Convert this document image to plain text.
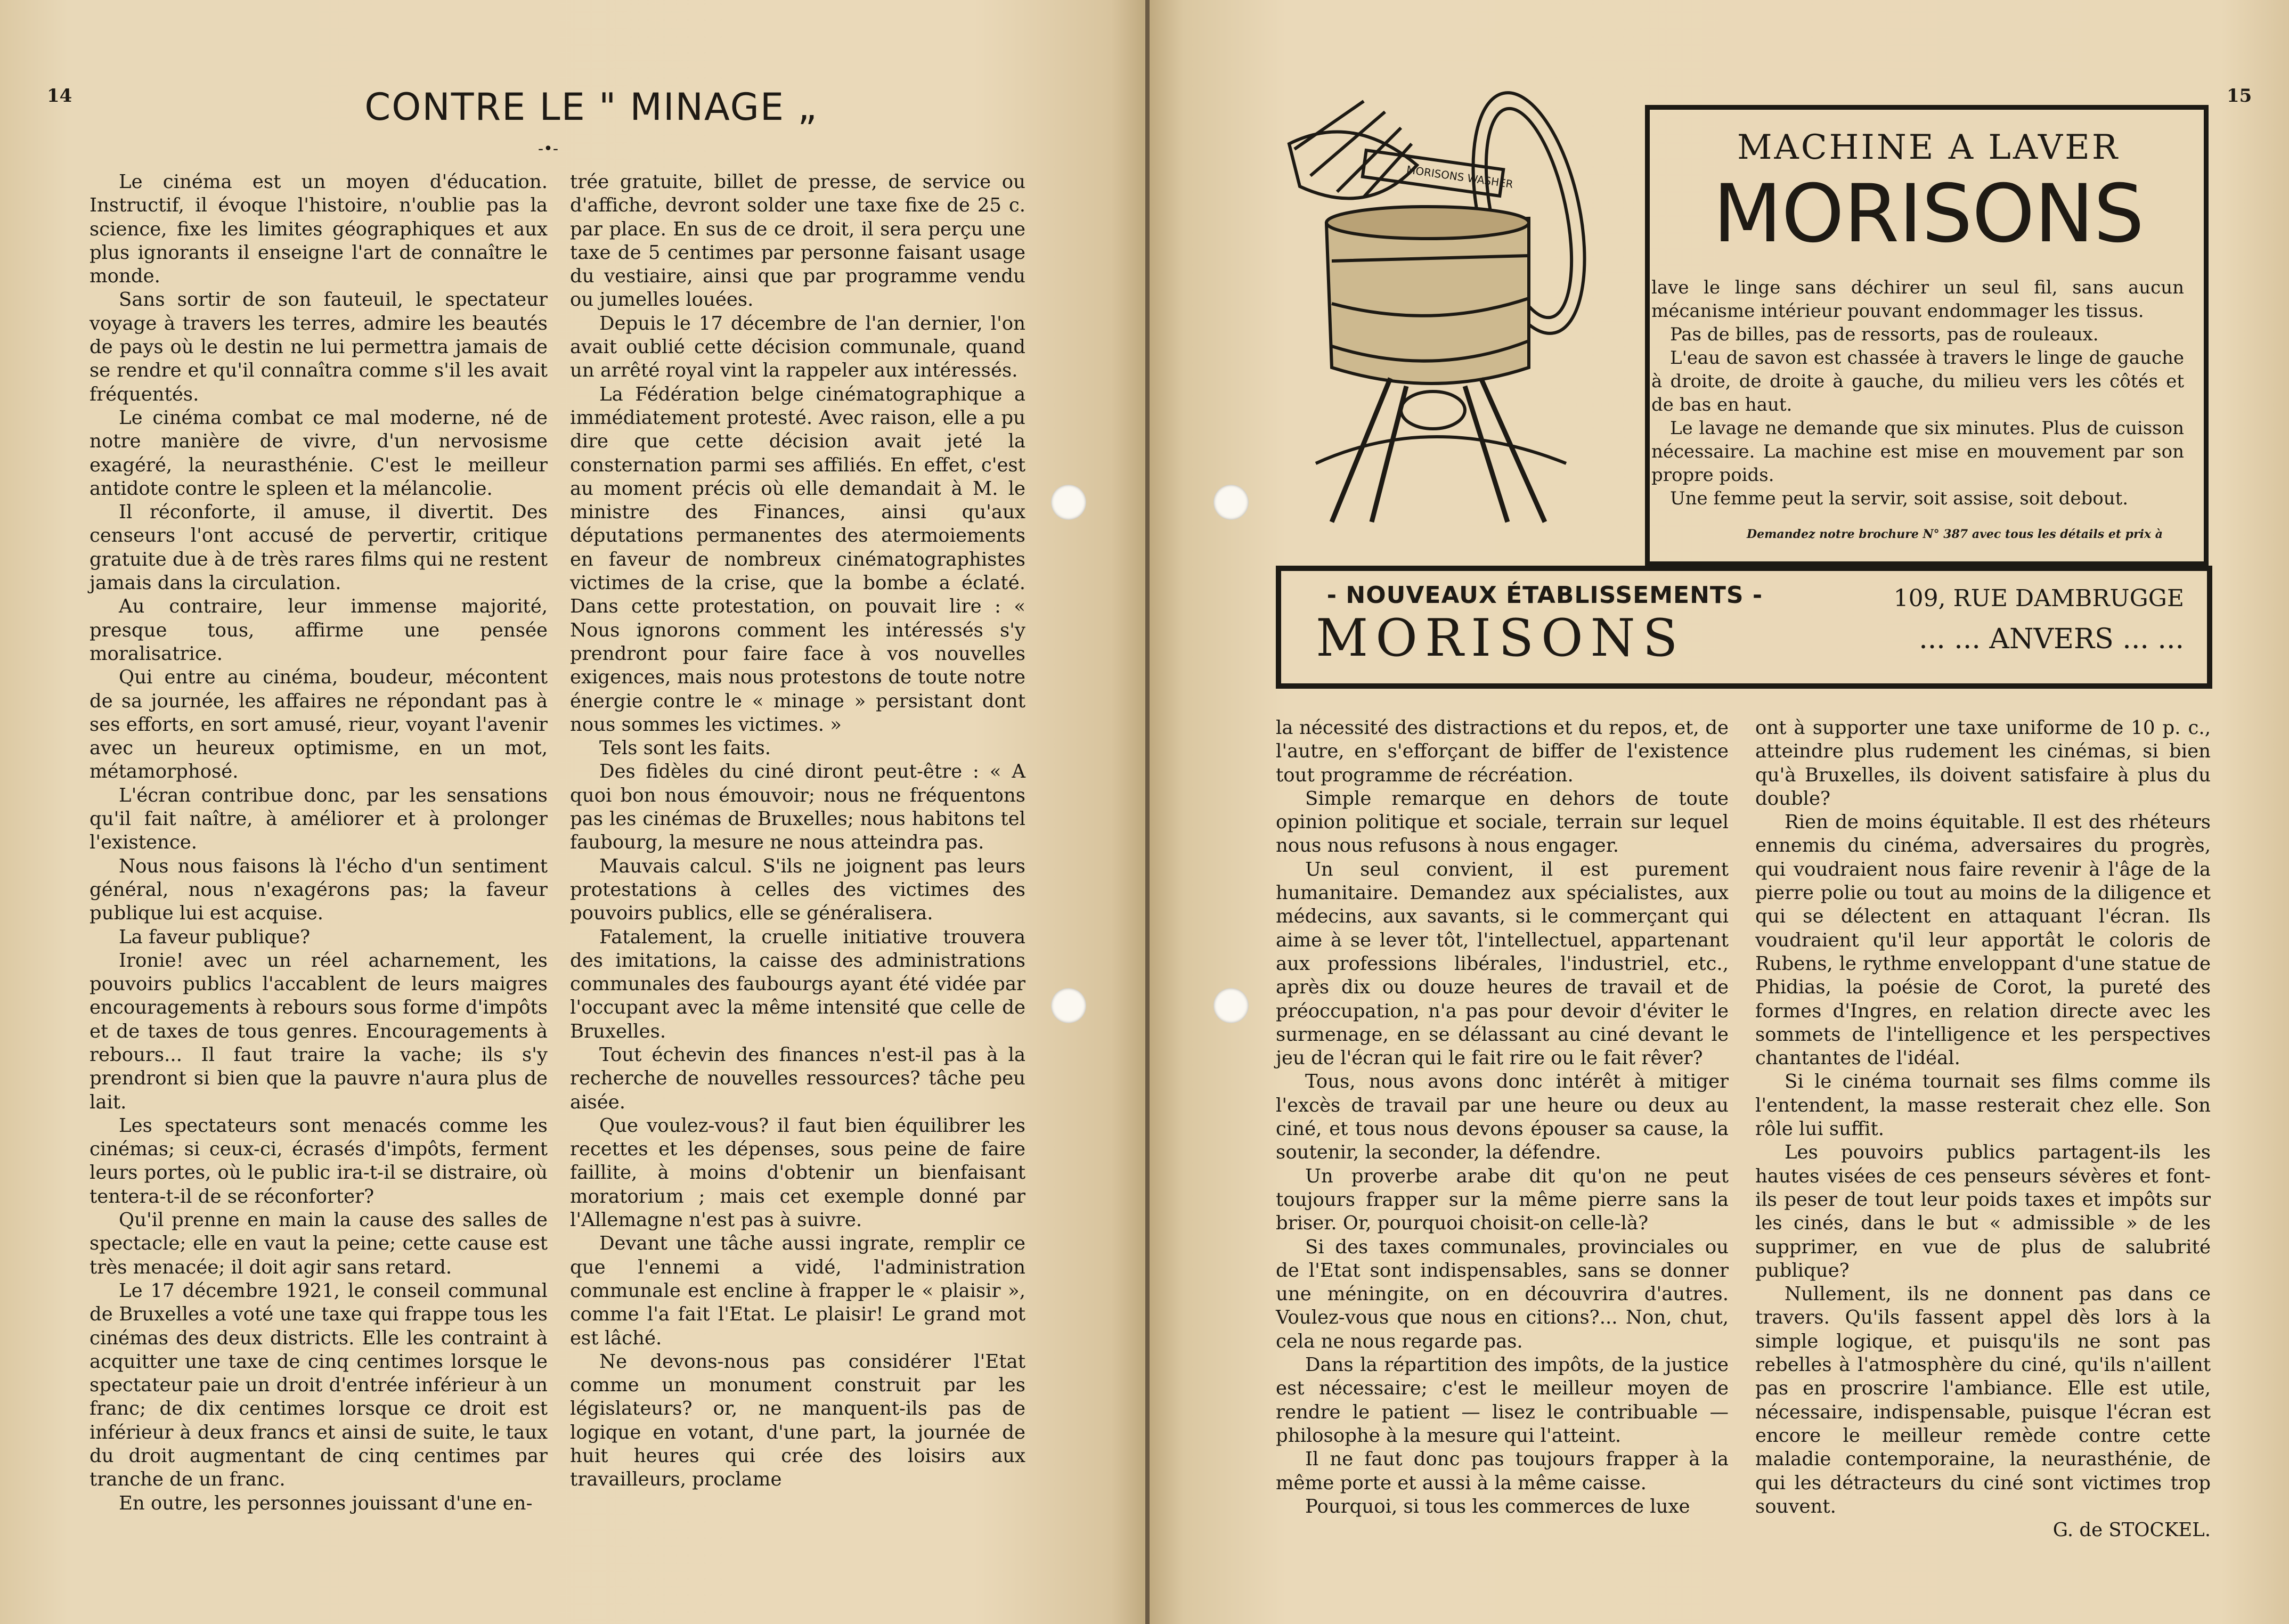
14	CONTRE LE " MINAGE „
-•-

Le cinéma est un moyen d'éducation. Instructif, il évoque l'histoire, n'oublie pas la science, fixe les limites géographiques et aux plus ignorants il enseigne l'art de connaître le monde.

Sans sortir de son fauteuil, le spectateur voyage à travers les terres, admire les beautés de pays où le destin ne lui permettra jamais de se rendre et qu'il connaîtra comme s'il les avait fréquentés.

Le cinéma combat ce mal moderne, né de notre manière de vivre, d'un nervosisme exagéré, la neurasthénie. C'est le meilleur antidote contre le spleen et la mélancolie.

Il réconforte, il amuse, il divertit. Des censeurs l'ont accusé de pervertir, critique gratuite due à de très rares films qui ne restent jamais dans la circulation.

Au contraire, leur immense majorité, presque tous, affirme une pensée moralisatrice.

Qui entre au cinéma, boudeur, mécontent de sa journée, les affaires ne répondant pas à ses efforts, en sort amusé, rieur, voyant l'avenir avec un heureux optimisme, en un mot, métamorphosé.

L'écran contribue donc, par les sensations qu'il fait naître, à améliorer et à prolonger l'existence.

Nous nous faisons là l'écho d'un sentiment général, nous n'exagérons pas; la faveur publique lui est acquise.

La faveur publique?

Ironie! avec un réel acharnement, les pouvoirs publics l'accablent de leurs maigres encouragements à rebours sous forme d'impôts et de taxes de tous genres. Encouragements à rebours... Il faut traire la vache; ils s'y prendront si bien que la pauvre n'aura plus de lait.

Les spectateurs sont menacés comme les cinémas; si ceux-ci, écrasés d'impôts, ferment leurs portes, où le public ira-t-il se distraire, où tentera-t-il de se réconforter?

Qu'il prenne en main la cause des salles de spectacle; elle en vaut la peine; cette cause est très menacée; il doit agir sans retard.

Le 17 décembre 1921, le conseil communal de Bruxelles a voté une taxe qui frappe tous les cinémas des deux districts. Elle les contraint à acquitter une taxe de cinq centimes lorsque le spectateur paie un droit d'entrée inférieur à un franc; de dix centimes lorsque ce droit est inférieur à deux francs et ainsi de suite, le taux du droit augmentant de cinq centimes par tranche de un franc.

En outre, les personnes jouissant d'une en-

trée gratuite, billet de presse, de service ou d'affiche, devront solder une taxe fixe de 25 c. par place. En sus de ce droit, il sera perçu une taxe de 5 centimes par personne faisant usage du vestiaire, ainsi que par programme vendu ou jumelles louées.

Depuis le 17 décembre de l'an dernier, l'on avait oublié cette décision communale, quand un arrêté royal vint la rappeler aux intéressés.

La Fédération belge cinématographique a immédiatement protesté. Avec raison, elle a pu dire que cette décision avait jeté la consternation parmi ses affiliés. En effet, c'est au moment précis où elle demandait à M. le ministre des Finances, ainsi qu'aux députations permanentes des atermoiements en faveur de nombreux cinématographistes victimes de la crise, que la bombe a éclaté. Dans cette protestation, on pouvait lire : « Nous ignorons comment les intéressés s'y prendront pour faire face à vos nouvelles exigences, mais nous protestons de toute notre énergie contre le « minage » persistant dont nous sommes les victimes. »

Tels sont les faits.

Des fidèles du ciné diront peut-être : « A quoi bon nous émouvoir; nous ne fréquentons pas les cinémas de Bruxelles; nous habitons tel faubourg, la mesure ne nous atteindra pas.

Mauvais calcul. S'ils ne joignent pas leurs protestations à celles des victimes des pouvoirs publics, elle se généralisera.

Fatalement, la cruelle initiative trouvera des imitations, la caisse des administrations communales des faubourgs ayant été vidée par l'occupant avec la même intensité que celle de Bruxelles.

Tout échevin des finances n'est-il pas à la recherche de nouvelles ressources? tâche peu aisée.

Que voulez-vous? il faut bien équilibrer les recettes et les dépenses, sous peine de faire faillite, à moins d'obtenir un bienfaisant moratorium ; mais cet exemple donné par l'Allemagne n'est pas à suivre.

Devant une tâche aussi ingrate, remplir ce que l'ennemi a vidé, l'administration communale est encline à frapper le « plaisir », comme l'a fait l'Etat. Le plaisir! Le grand mot est lâché.

Ne devons-nous pas considérer l'Etat comme un monument construit par les législateurs? or, ne manquent-ils pas de logique en votant, d'une part, la journée de huit heures qui crée des loisirs aux travailleurs, proclame

15
MORISONS WASHER
MACHINE A LAVER
MORISONS

lave le linge sans déchirer un seul fil, sans aucun mécanisme intérieur pouvant endommager les tissus.

Pas de billes, pas de ressorts, pas de rouleaux.

L'eau de savon est chassée à travers le linge de gauche à droite, de droite à gauche, du milieu vers les côtés et de bas en haut.

Le lavage ne demande que six minutes. Plus de cuisson nécessaire. La machine est mise en mouvement par son propre poids.

Une femme peut la servir, soit assise, soit debout.

Demandez notre brochure N° 387 avec tous les détails et prix à
- NOUVEAUX ÉTABLISSEMENTS -
MORISONS
109, RUE DAMBRUGGE
... ... ANVERS ... ...

la nécessité des distractions et du repos, et, de l'autre, en s'efforçant de biffer de l'existence tout programme de récréation.

Simple remarque en dehors de toute opinion politique et sociale, terrain sur lequel nous nous refusons à nous engager.

Un seul convient, il est purement humanitaire. Demandez aux spécialistes, aux médecins, aux savants, si le commerçant qui aime à se lever tôt, l'intellectuel, appartenant aux professions libérales, l'industriel, etc., après dix ou douze heures de travail et de préoccupation, n'a pas pour devoir d'éviter le surmenage, en se délassant au ciné devant le jeu de l'écran qui le fait rire ou le fait rêver?

Tous, nous avons donc intérêt à mitiger l'excès de travail par une heure ou deux au ciné, et tous nous devons épouser sa cause, la soutenir, la seconder, la défendre.

Un proverbe arabe dit qu'on ne peut toujours frapper sur la même pierre sans la briser. Or, pourquoi choisit-on celle-là?

Si des taxes communales, provinciales ou de l'Etat sont indispensables, sans se donner une méningite, on en découvrira d'autres. Voulez-vous que nous en citions?... Non, chut, cela ne nous regarde pas.

Dans la répartition des impôts, de la justice est nécessaire; c'est le meilleur moyen de rendre le patient — lisez le contribuable — philosophe à la mesure qui l'atteint.

Il ne faut donc pas toujours frapper à la même porte et aussi à la même caisse.

Pourquoi, si tous les commerces de luxe

ont à supporter une taxe uniforme de 10 p. c., atteindre plus rudement les cinémas, si bien qu'à Bruxelles, ils doivent satisfaire à plus du double?

Rien de moins équitable. Il est des rhéteurs ennemis du cinéma, adversaires du progrès, qui voudraient nous faire revenir à l'âge de la pierre polie ou tout au moins de la diligence et qui se délectent en attaquant l'écran. Ils voudraient qu'il leur apportât le coloris de Rubens, le rythme enveloppant d'une statue de Phidias, la poésie de Corot, la pureté des formes d'Ingres, en relation directe avec les sommets de l'intelligence et les perspectives chantantes de l'idéal.

Si le cinéma tournait ses films comme ils l'entendent, la masse resterait chez elle. Son rôle lui suffit.

Les pouvoirs publics partagent-ils les hautes visées de ces penseurs sévères et font-ils peser de tout leur poids taxes et impôts sur les cinés, dans le but « admissible » de les supprimer, en vue de plus de salubrité publique?

Nullement, ils ne donnent pas dans ce travers. Qu'ils fassent appel dès lors à la simple logique, et puisqu'ils ne sont pas rebelles à l'atmosphère du ciné, qu'ils n'aillent pas en proscrire l'ambiance. Elle est utile, nécessaire, indispensable, puisque l'écran est encore le meilleur remède contre cette maladie contemporaine, la neurasthénie, de qui les détracteurs du ciné sont victimes trop souvent.

G. de STOCKEL.
